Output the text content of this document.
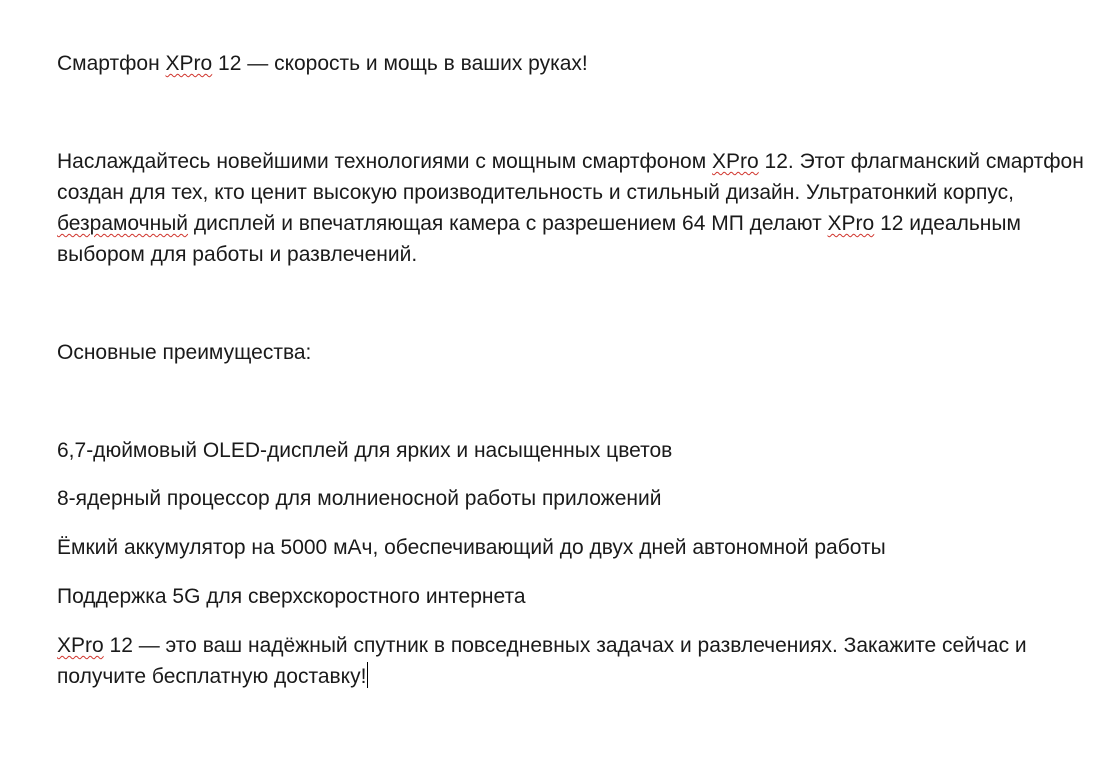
Смартфон XPro 12 — скорость и мощь в ваших руках!
Наслаждайтесь новейшими технологиями с мощным смартфоном XPro 12. Этот флагманский смартфон создан для тех, кто ценит высокую производительность и стильный дизайн. Ультратонкий корпус, безрамочный дисплей и впечатляющая камера с разрешением 64 МП делают XPro 12 идеальным выбором для работы и развлечений.
Основные преимущества:
6,7-дюймовый OLED-дисплей для ярких и насыщенных цветов
8-ядерный процессор для молниеносной работы приложений
Ёмкий аккумулятор на 5000 мАч, обеспечивающий до двух дней автономной работы
Поддержка 5G для сверхскоростного интернета
XPro 12 — это ваш надёжный спутник в повседневных задачах и развлечениях. Закажите сейчас и получите бесплатную доставку!
